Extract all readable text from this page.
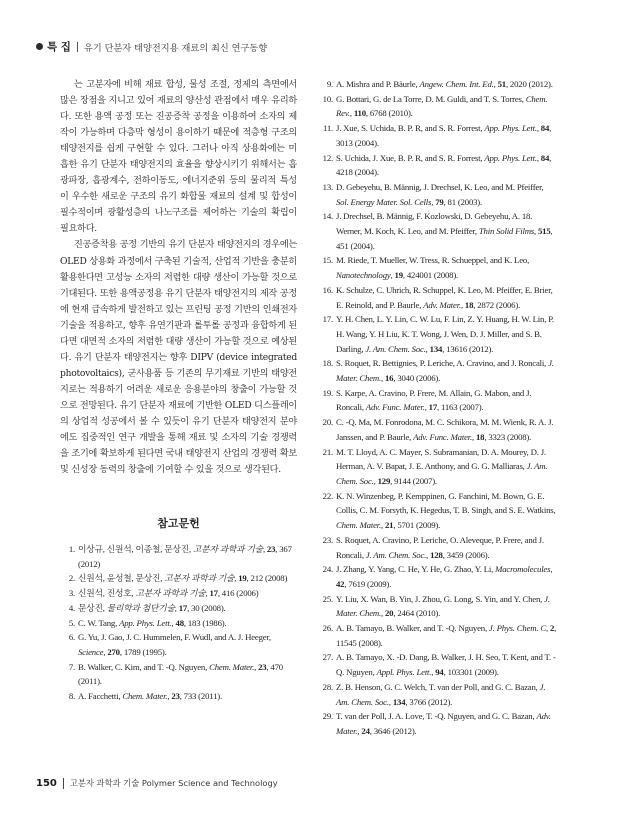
특 집 유기 단분자 태양전지용 재료의 최신 연구동향

는 고분자에 비해 재료 합성, 물성 조절, 정제의 측면에서 많은 장점을 지니고 있어 재료의 양산성 관점에서 매우 유리하다. 또한 용액 공정 또는 진공증착 공정을 이용하여 소자의 제작이 가능하며 다층막 형성이 용이하기 때문에 적층형 구조의 태양전지를 쉽게 구현할 수 있다. 그러나 아직 상용화에는 미흡한 유기 단분자 태양전지의 효율을 향상시키기 위해서는 흡광파장, 흡광계수, 전하이동도, 에너지준위 등의 물리적 특성이 우수한 새로운 구조의 유기 화합물 재료의 설계 및 합성이 필수적이며 광활성층의 나노구조를 제어하는 기술의 확립이 필요하다.

진공증착용 공정 기반의 유기 단분자 태양전지의 경우에는 OLED 상용화 과정에서 구축된 기술적, 산업적 기반을 충분히 활용한다면 고성능 소자의 저렴한 대량 생산이 가능할 것으로 기대된다. 또한 용액공정용 유기 단분자 태양전지의 제작 공정에 현재 급속하게 발전하고 있는 프린팅 공정 기반의 인쇄전자 기술을 적용하고, 향후 유연기판과 롤투롤 공정과 융합하게 된다면 대면적 소자의 저렴한 대량 생산이 가능할 것으로 예상된다. 유기 단분자 태양전지는 향후 DIPV (device integrated photovoltaics), 군사용품 등 기존의 무기재료 기반의 태양전지로는 적용하기 어려운 새로운 응용분야의 창출이 가능할 것으로 전망된다. 유기 단분자 재료에 기반한 OLED 디스플레이의 상업적 성공에서 볼 수 있듯이 유기 단분자 태양전지 분야에도 집중적인 연구 개발을 통해 재료 및 소자의 기술 경쟁력을 조기에 확보하게 된다면 국내 태양전지 산업의 경쟁력 확보 및 신성장 동력의 창출에 기여할 수 있을 것으로 생각된다.

참고문헌
1. 이상규, 신원석, 이종철, 문상진, 고분자 과학과 기술, 23, 367 (2012)
2. 신원석, 윤성철, 문상진, 고분자 과학과 기술, 19, 212 (2008)
3. 신원석, 진성호, 고분자 과학과 기술, 17, 416 (2006)
4. 문상진, 물리학과 첨단기술, 17, 30 (2008).
5. C. W. Tang, App. Phys. Lett., 48, 183 (1986).
6. G. Yu, J. Gao, J. C. Hummelen, F. Wudl, and A. J. Heeger, Science, 270, 1789 (1995).
7. B. Walker, C. Kim, and T. -Q. Nguyen, Chem. Mater., 23, 470 (2011).
8. A. Facchetti, Chem. Mater., 23, 733 (2011).
9. A. Mishra and P. Bäurle, Angew. Chem. Int. Ed., 51, 2020 (2012).
10. G. Bottari, G. de La Torre, D. M. Guldi, and T. S. Torres, Chem. Rev., 110, 6768 (2010).
11. J. Xue, S. Uchida, B. P. R, and S. R. Forrest, App. Phys. Lett., 84, 3013 (2004).
12. S. Uchida, J. Xue, B. P. R, and S. R. Forrest, App. Phys. Lett., 84, 4218 (2004).
13. D. Gebeyehu, B. Männig, J. Drechsel, K. Leo, and M. Pfeiffer, Sol. Energy Mater. Sol. Cells, 79, 81 (2003).
14. J. Drechsel, B. Männig, F. Kozlowski, D. Gebeyehu, A. 18. Werner, M. Koch, K. Leo, and M. Pfeiffer, Thin Solid Films, 515, 451 (2004).
15. M. Riede, T. Mueller, W. Tress, R. Schueppel, and K. Leo, Nanotechnology, 19, 424001 (2008).
16. K. Schulze, C. Uhrich, R. Schuppel, K. Leo, M. Pfeiffer, E. Brier, E. Reinold, and P. Baurle, Adv. Mater., 18, 2872 (2006).
17. Y. H. Chen, L. Y. Lin, C. W. Lu, F. Lin, Z. Y. Huang, H. W. Lin, P. H. Wang, Y. H Liu, K. T. Wong, J. Wen, D. J. Miller, and S. B. Darling, J. Am. Chem. Soc., 134, 13616 (2012).
18. S. Roquet, R. Bettignies, P. Leriche, A. Cravino, and J. Roncali, J. Mater. Chem., 16, 3040 (2006).
19. S. Karpe, A. Cravino, P. Frere, M. Allain, G. Mabon, and J. Roncali, Adv. Func. Mater., 17, 1163 (2007).
20. C. -Q. Ma, M. Fonrodona, M. C. Schikora, M. M. Wienk, R. A. J. Janssen, and P. Baurle, Adv. Func. Mater., 18, 3323 (2008).
21. M. T. Lloyd, A. C. Mayer, S. Subramanian, D. A. Mourey, D. J. Herman, A. V. Bapat, J. E. Anthony, and G. G. Malliaras, J. Am. Chem. Soc., 129, 9144 (2007).
22. K. N. Winzenbeg, P. Kemppinen, G. Fanchini, M. Bown, G. E. Collis, C. M. Forsyth, K. Hegedus, T. B. Singh, and S. E. Watkins, Chem. Mater., 21, 5701 (2009).
23. S. Roquet, A. Cravino, P. Leriche, O. Aleveque, P. Frere, and J. Roncali, J. Am. Chem. Soc., 128, 3459 (2006).
24. J. Zhang, Y. Yang, C. He, Y. He, G. Zhao, Y. Li, Macromolecules, 42, 7619 (2009).
25. Y. Liu, X. Wan, B. Yin, J. Zhou, G. Long, S. Yin, and Y. Chen, J. Mater. Chem., 20, 2464 (2010).
26. A. B. Tamayo, B. Walker, and T. -Q. Nguyen, J. Phys. Chem. C, 2, 11545 (2008).
27. A. B. Tamayo, X. -D. Dang, B. Walker, J. H. Seo, T. Kent, and T. -Q. Nguyen, Appl. Phys. Lett., 94, 103301 (2009).
28. Z. B. Henson, G. C. Welch, T. van der Poll, and G. C. Bazan, J. Am. Chem. Soc., 134, 3766 (2012).
29. T. van der Poll, J. A. Love, T. -Q. Nguyen, and G. C. Bazan, Adv. Mater., 24, 3646 (2012).
150 고분자 과학과 기술 Polymer Science and Technology
